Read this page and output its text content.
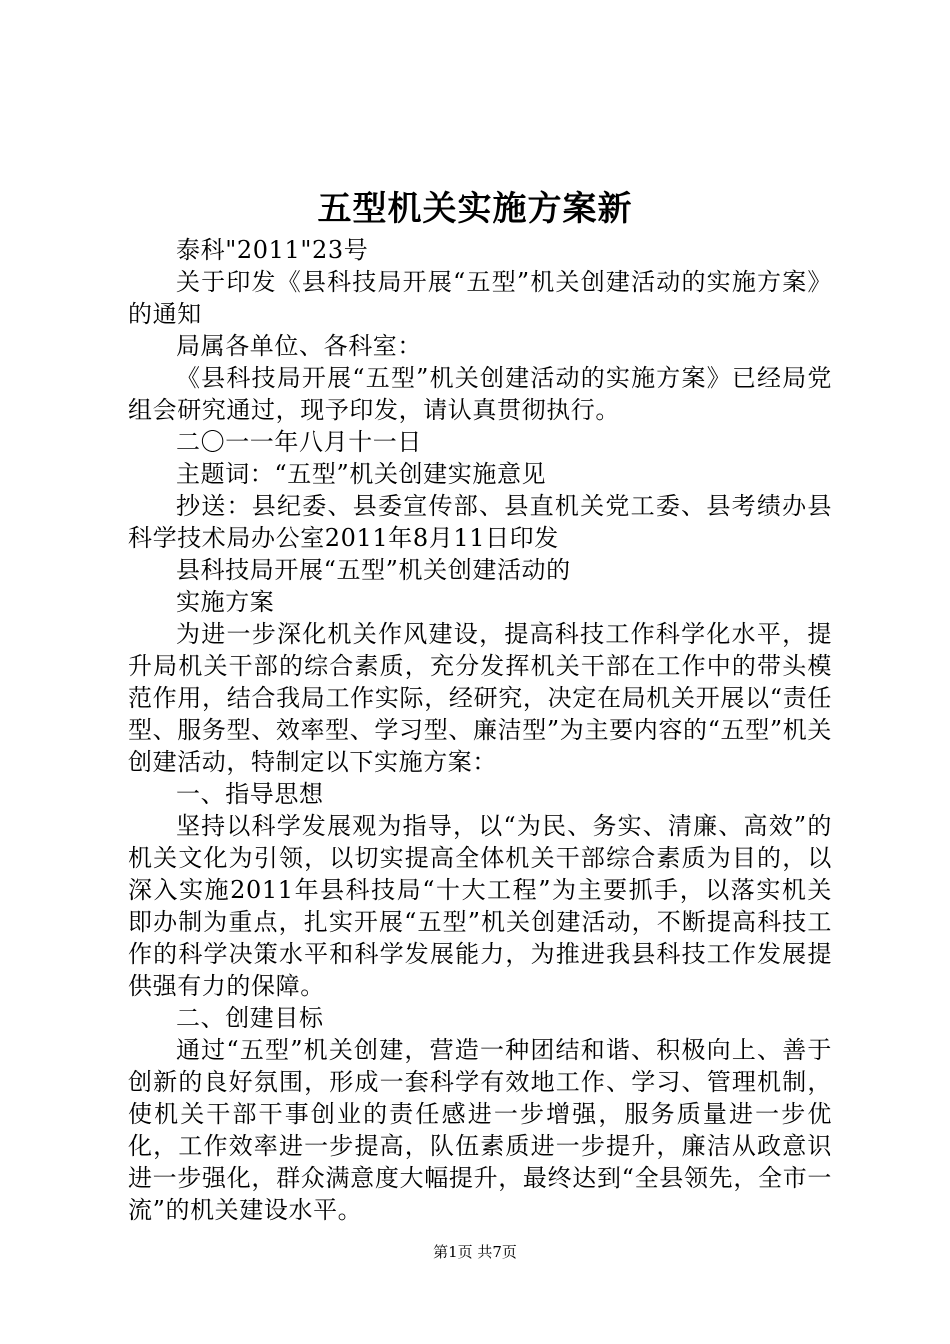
五型机关实施方案新

泰科"2011"23号

关于印发《县科技局开展“五型”机关创建活动的实施方案》的通知

局属各单位、各科室：

《县科技局开展“五型”机关创建活动的实施方案》已经局党组会研究通过，现予印发，请认真贯彻执行。

二〇一一年八月十一日

主题词：“五型”机关创建实施意见

抄送：县纪委、县委宣传部、县直机关党工委、县考绩办县科学技术局办公室2011年8月11日印发

县科技局开展“五型”机关创建活动的

实施方案

为进一步深化机关作风建设，提高科技工作科学化水平，提升局机关干部的综合素质，充分发挥机关干部在工作中的带头模范作用，结合我局工作实际，经研究，决定在局机关开展以“责任型、服务型、效率型、学习型、廉洁型”为主要内容的“五型”机关创建活动，特制定以下实施方案：

一、指导思想

坚持以科学发展观为指导，以“为民、务实、清廉、高效”的机关文化为引领，以切实提高全体机关干部综合素质为目的，以深入实施2011年县科技局“十大工程”为主要抓手，以落实机关即办制为重点，扎实开展“五型”机关创建活动，不断提高科技工作的科学决策水平和科学发展能力，为推进我县科技工作发展提供强有力的保障。

二、创建目标

通过“五型”机关创建，营造一种团结和谐、积极向上、善于创新的良好氛围，形成一套科学有效地工作、学习、管理机制，使机关干部干事创业的责任感进一步增强，服务质量进一步优化，工作效率进一步提高，队伍素质进一步提升，廉洁从政意识进一步强化，群众满意度大幅提升，最终达到“全县领先，全市一流”的机关建设水平。

第1页 共7页
